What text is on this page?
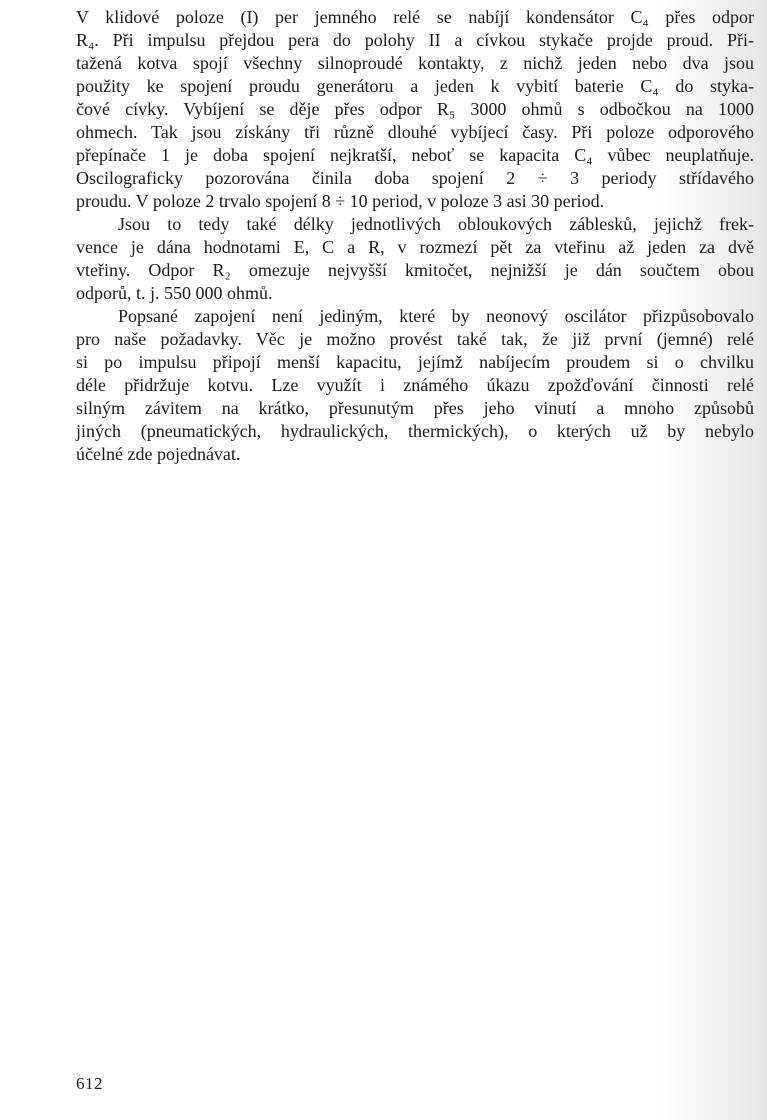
V klidové poloze (I) per jemného relé se nabíjí kondensátor C₄ přes odpor
R₄. Při impulsu přejdou pera do polohy II a cívkou stykače projde proud. Při-
tažená kotva spojí všechny silnoproudé kontakty, z nichž jeden nebo dva jsou
použity ke spojení proudu generátoru a jeden k vybití baterie C₄ do styka-
čové cívky. Vybíjení se děje přes odpor R₅ 3000 ohmů s odbočkou na 1000
ohmech. Tak jsou získány tři různě dlouhé vybíjecí časy. Při poloze odporového
přepínače 1 je doba spojení nejkratší, neboť se kapacita C₄ vůbec neuplatňuje.
Oscilograficky pozorována činila doba spojení 2 ÷ 3 periody střídavého
proudu. V poloze 2 trvalo spojení 8 ÷ 10 period, v poloze 3 asi 30 period.

Jsou to tedy také délky jednotlivých obloukových záblesků, jejichž frek-

vence je dána hodnotami E, C a R, v rozmezí pět za vteřinu až jeden za dvě
vteřiny. Odpor R₂ omezuje nejvyšší kmitočet, nejnižší je dán součtem obou
odporů, t. j. 550 000 ohmů.

Popsané zapojení není jediným, které by neonový oscilátor přizpůsobovalo

pro naše požadavky. Věc je možno provést také tak, že již první (jemné) relé
si po impulsu připojí menší kapacitu, jejímž nabíjecím proudem si o chvilku
déle přidržuje kotvu. Lze využít i známého úkazu zpožďování činnosti relé
silným závitem na krátko, přesunutým přes jeho vinutí a mnoho způsobů
jiných (pneumatických, hydraulických, thermických), o kterých už by nebylo
účelné zde pojednávat.

612
